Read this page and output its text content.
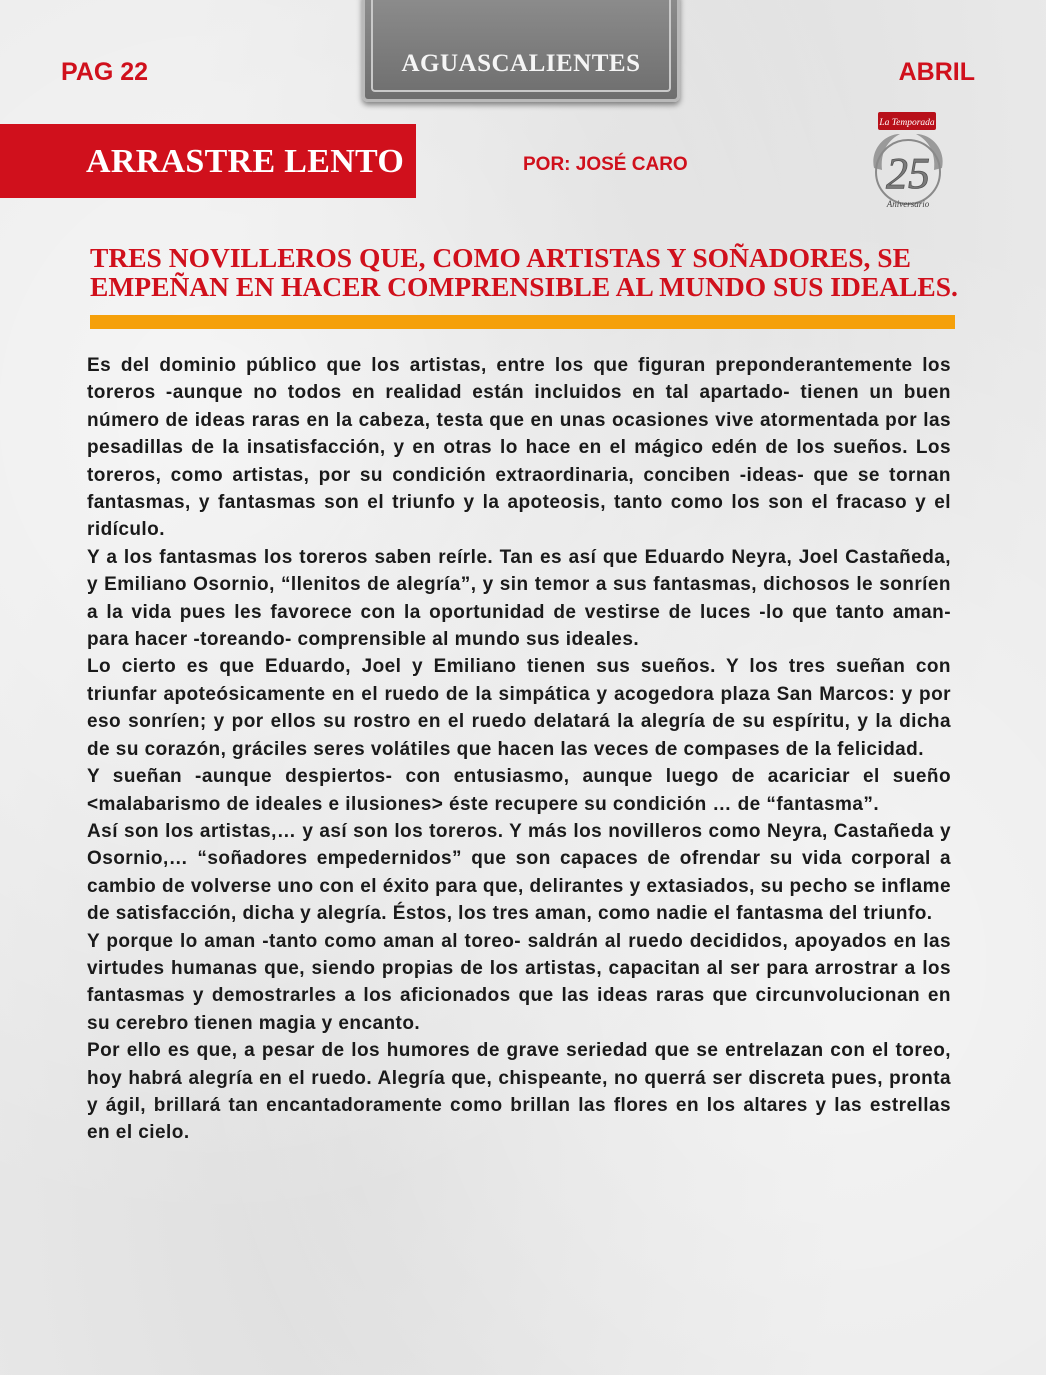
PAG 22	AGUASCALIENTES	ABRIL
ARRASTRE LENTO	POR: JOSÉ CARO
La Temporada
25
Aniversario
TRES NOVILLEROS QUE, COMO ARTISTAS Y SOÑADORES, SE EMPEÑAN EN HACER COMPRENSIBLE AL MUNDO SUS IDEALES.

Es del dominio público que los artistas, entre los que figuran preponderantemente los toreros -aunque no todos en realidad están incluidos en tal apartado- tienen un buen número de ideas raras en la cabeza, testa que en unas ocasiones vive atormentada por las pesadillas de la insatisfacción, y en otras lo hace en el mágico edén de los sueños. Los toreros, como artistas, por su condición extraordinaria, conciben -ideas- que se tornan fantasmas, y fantasmas son el triunfo y la apoteosis, tanto como los son el fracaso y el ridículo.

Y a los fantasmas los toreros saben reírle. Tan es así que Eduardo Neyra, Joel Castañeda, y Emiliano Osornio, “llenitos de alegría”, y sin temor a sus fantasmas, dichosos le sonríen a la vida pues les favorece con la oportunidad de vestirse de luces -lo que tanto aman- para hacer -toreando- comprensible al mundo sus ideales.

Lo cierto es que Eduardo, Joel y Emiliano tienen sus sueños. Y los tres sueñan con triunfar apoteósicamente en el ruedo de la simpática y acogedora plaza San Marcos: y por eso sonríen; y por ellos su rostro en el ruedo delatará la alegría de su espíritu, y la dicha de su corazón, gráciles seres volátiles que hacen las veces de compases de la felicidad.

Y sueñan -aunque despiertos- con entusiasmo, aunque luego de acariciar el sueño <malabarismo de ideales e ilusiones> éste recupere su condición … de “fantasma”.

Así son los artistas,… y así son los toreros. Y más los novilleros como Neyra, Castañeda y Osornio,… “soñadores empedernidos” que son capaces de ofrendar su vida corporal a cambio de volverse uno con el éxito para que, delirantes y extasiados, su pecho se inflame de satisfacción, dicha y alegría. Éstos, los tres aman, como nadie el fantasma del triunfo.

Y porque lo aman -tanto como aman al toreo- saldrán al ruedo decididos, apoyados en las virtudes humanas que, siendo propias de los artistas, capacitan al ser para arrostrar a los fantasmas y demostrarles a los aficionados que las ideas raras que circunvolucionan en su cerebro tienen magia y encanto.

Por ello es que, a pesar de los humores de grave seriedad que se entrelazan con el toreo, hoy habrá alegría en el ruedo. Alegría que, chispeante, no querrá ser discreta pues, pronta y ágil, brillará tan encantadoramente como brillan las flores en los altares y las estrellas en el cielo.
